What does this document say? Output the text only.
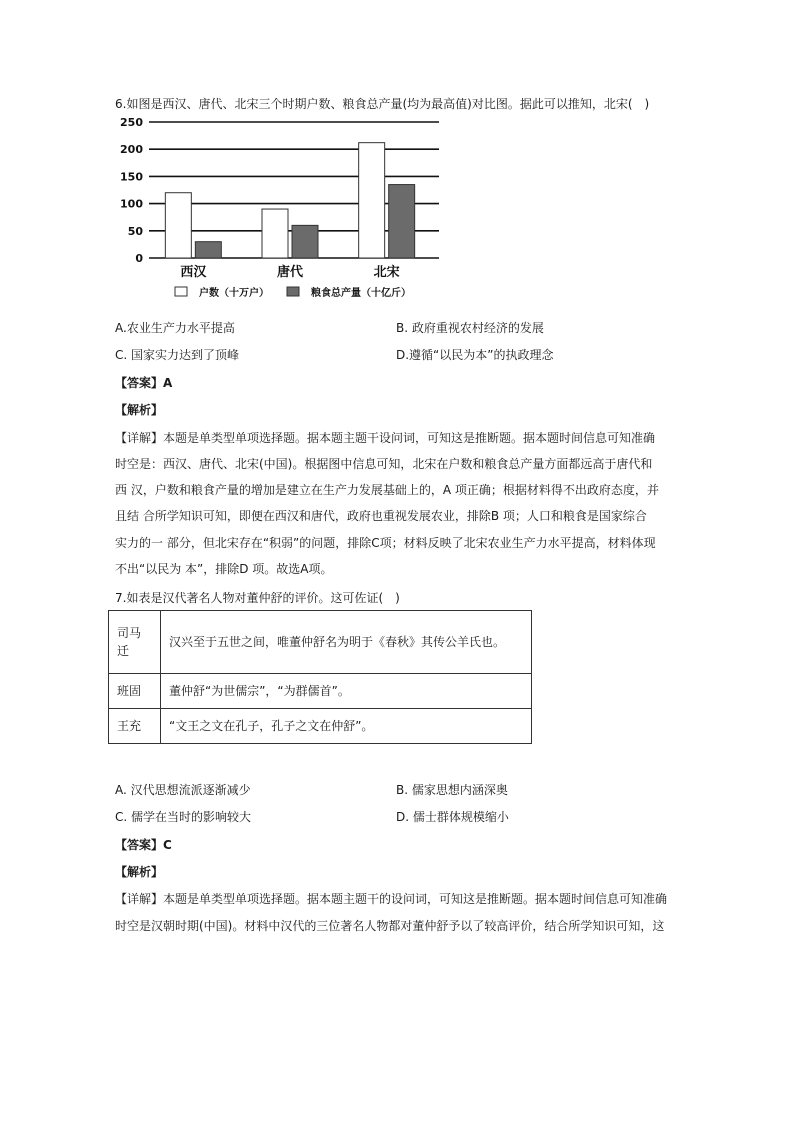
6.如图是西汉、唐代、北宋三个时期户数、粮食总产量(均为最高值)对比图。据此可以推知，北宋(　)
0
50
100
150
200
250
西汉	唐代	北宋
户数（十万户）	粮食总产量（十亿斤）
A.农业生产力水平提高	B. 政府重视农村经济的发展
C. 国家实力达到了顶峰	D.遵循“以民为本”的执政理念
【答案】A
【解析】
【详解】本题是单类型单项选择题。据本题主题干设问词，可知这是推断题。据本题时间信息可知准确
时空是：西汉、唐代、北宋(中国)。根据图中信息可知，北宋在户数和粮食总产量方面都远高于唐代和
西 汉，户数和粮食产量的增加是建立在生产力发展基础上的，A 项正确；根据材料得不出政府态度，并
且结 合所学知识可知，即便在西汉和唐代，政府也重视发展农业，排除B 项；人口和粮食是国家综合
实力的一 部分，但北宋存在“积弱”的问题，排除C项；材料反映了北宋农业生产力水平提高，材料体现
不出“以民为 本”，排除D 项。故选A项。
7.如表是汉代著名人物对董仲舒的评价。这可佐证(　)
司马迁	汉兴至于五世之间，唯董仲舒名为明于《春秋》其传公羊氏也。
班固	董仲舒“为世儒宗”，“为群儒首”。
王充	“文王之文在孔子，孔子之文在仲舒”。
A. 汉代思想流派逐渐减少	B. 儒家思想内涵深奥
C. 儒学在当时的影响较大	D. 儒士群体规模缩小
【答案】C
【解析】
【详解】本题是单类型单项选择题。据本题主题干的设问词，可知这是推断题。据本题时间信息可知准确
时空是汉朝时期(中国)。材料中汉代的三位著名人物都对董仲舒予以了较高评价，结合所学知识可知，这
